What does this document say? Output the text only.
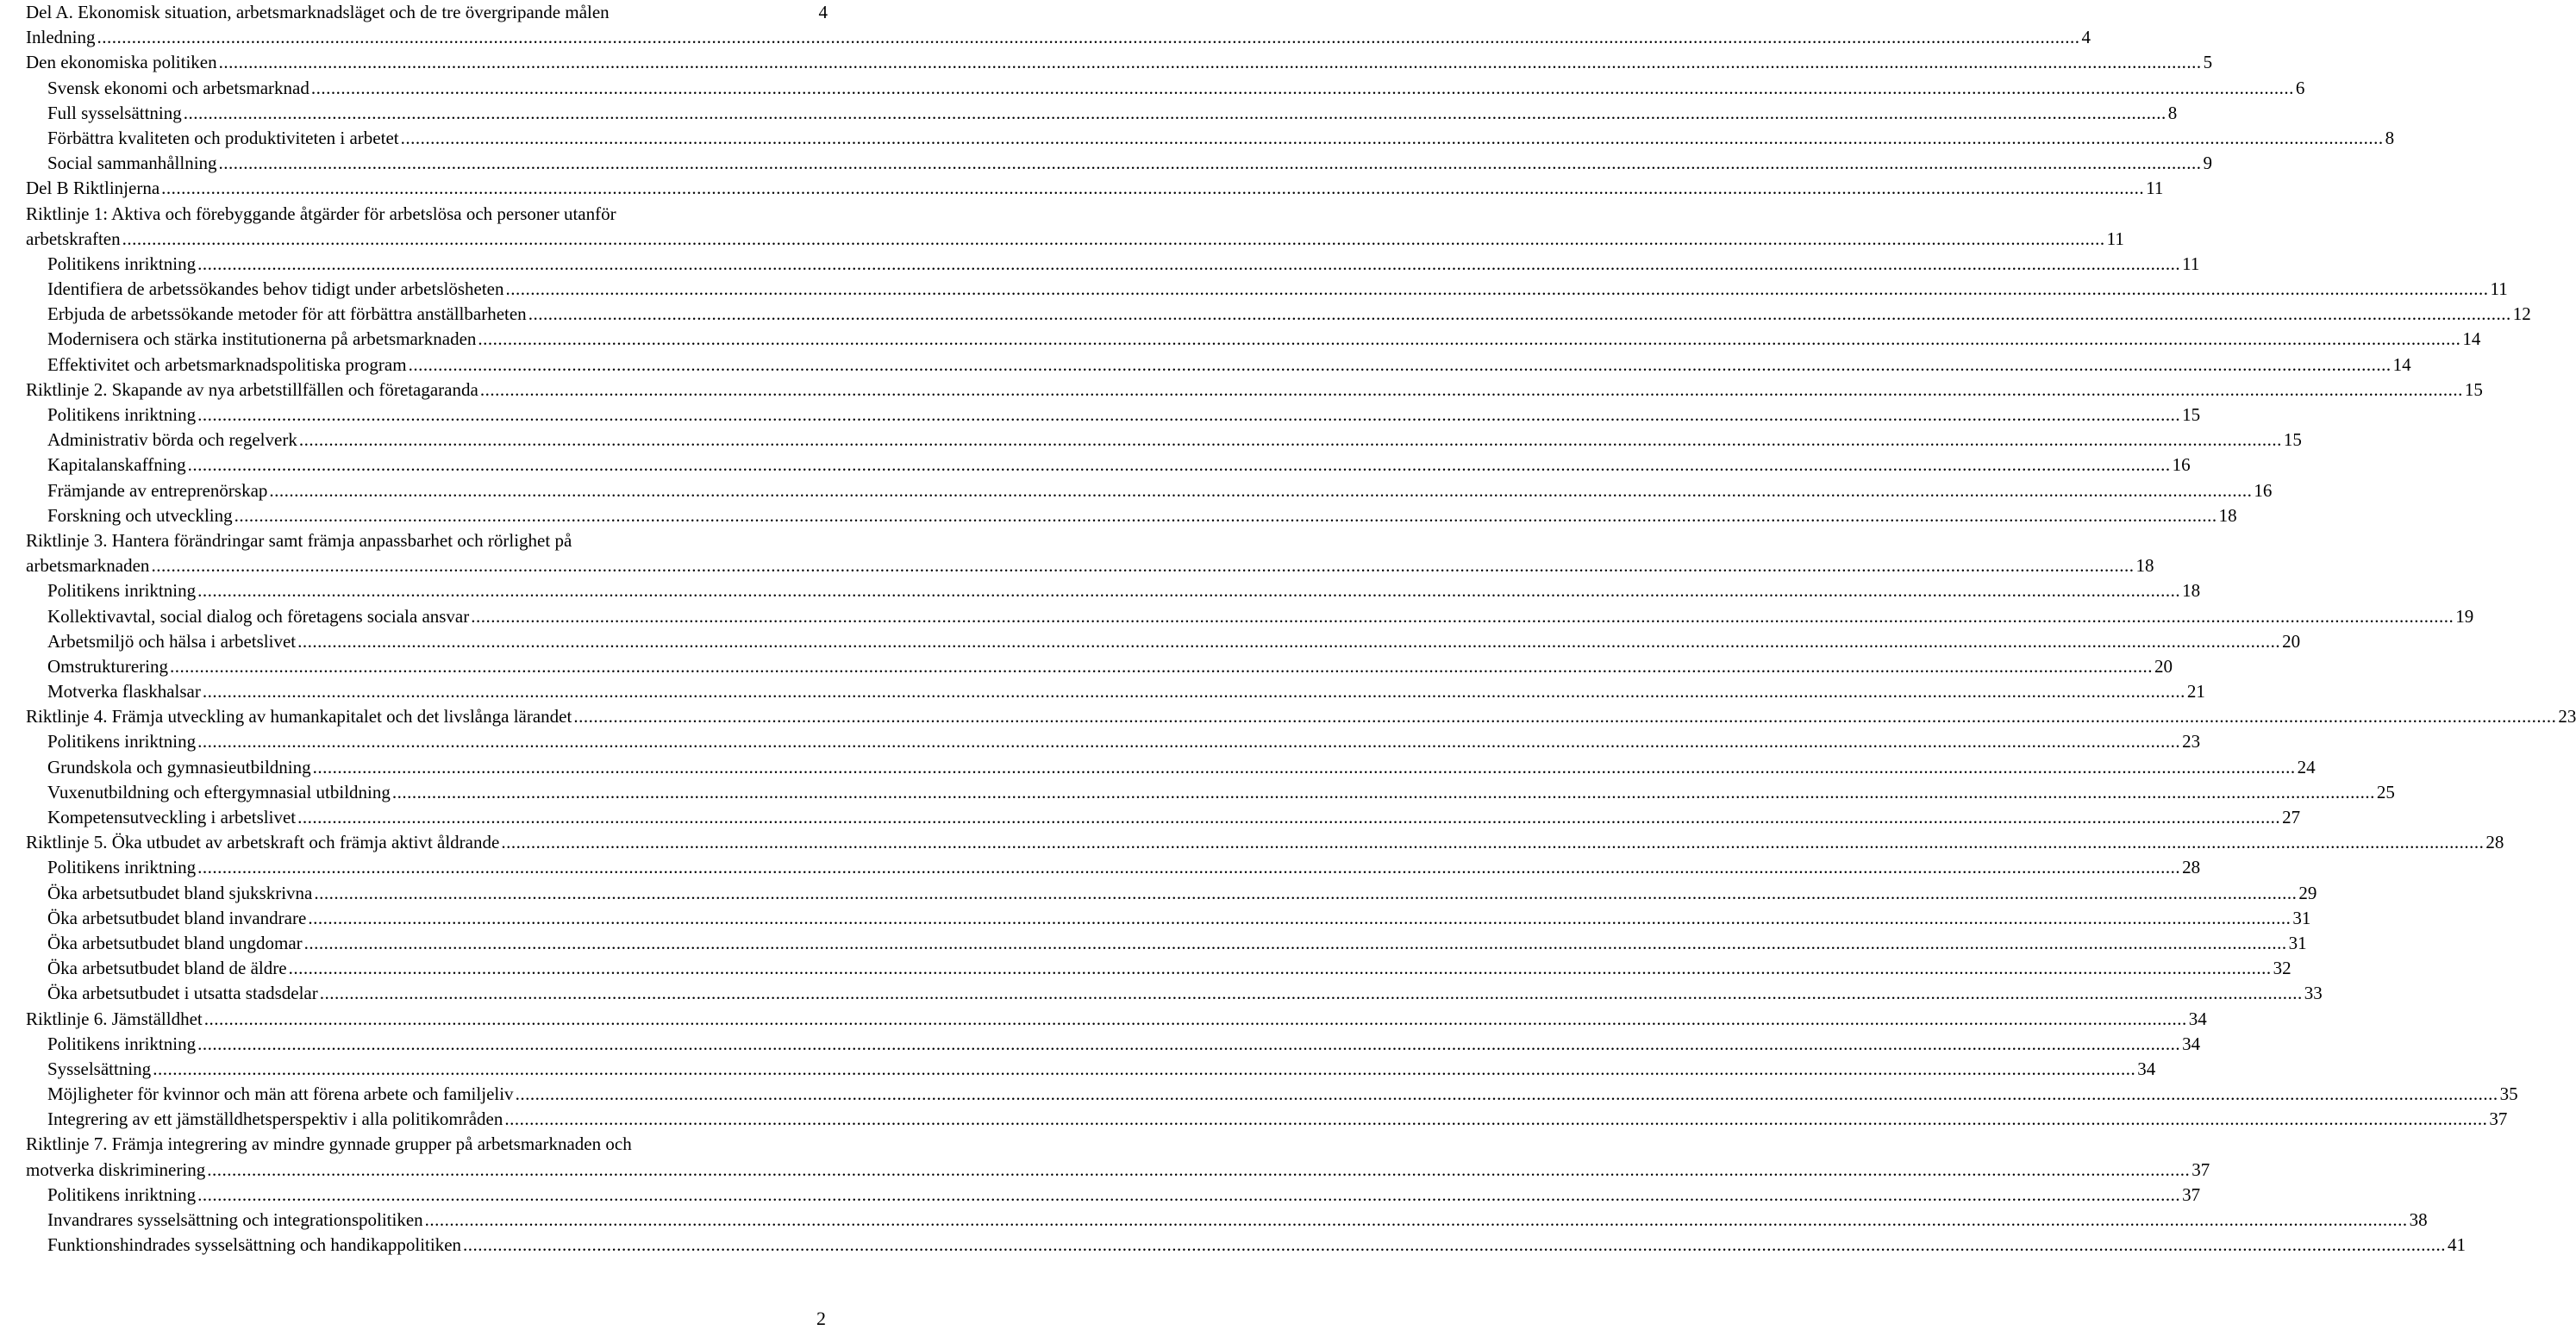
Del A. Ekonomisk situation, arbetsmarknadsläget och de tre övergripande målen	4
Inledning ................................................................................................................................................................................................................................................................................................................................................................................................................ 4
Den ekonomiska politiken ................................................................................................................................................................................................................................................................................................................................................................................................................ 5
Svensk ekonomi och arbetsmarknad ................................................................................................................................................................................................................................................................................................................................................................................................................ 6
Full sysselsättning ................................................................................................................................................................................................................................................................................................................................................................................................................ 8
Förbättra kvaliteten och produktiviteten i arbetet ................................................................................................................................................................................................................................................................................................................................................................................................................ 8
Social sammanhållning ................................................................................................................................................................................................................................................................................................................................................................................................................ 9
Del B Riktlinjerna ................................................................................................................................................................................................................................................................................................................................................................................................................ 11
Riktlinje 1: Aktiva och förebyggande åtgärder för arbetslösa och personer utanför
arbetskraften ................................................................................................................................................................................................................................................................................................................................................................................................................ 11
Politikens inriktning ................................................................................................................................................................................................................................................................................................................................................................................................................ 11
Identifiera de arbetssökandes behov tidigt under arbetslösheten ................................................................................................................................................................................................................................................................................................................................................................................................................ 11
Erbjuda de arbetssökande metoder för att förbättra anställbarheten ................................................................................................................................................................................................................................................................................................................................................................................................................ 12
Modernisera och stärka institutionerna på arbetsmarknaden ................................................................................................................................................................................................................................................................................................................................................................................................................ 14
Effektivitet och arbetsmarknadspolitiska program ................................................................................................................................................................................................................................................................................................................................................................................................................ 14
Riktlinje 2. Skapande av nya arbetstillfällen och företagaranda ................................................................................................................................................................................................................................................................................................................................................................................................................ 15
Politikens inriktning ................................................................................................................................................................................................................................................................................................................................................................................................................ 15
Administrativ börda och regelverk ................................................................................................................................................................................................................................................................................................................................................................................................................ 15
Kapitalanskaffning ................................................................................................................................................................................................................................................................................................................................................................................................................ 16
Främjande av entreprenörskap ................................................................................................................................................................................................................................................................................................................................................................................................................ 16
Forskning och utveckling ................................................................................................................................................................................................................................................................................................................................................................................................................ 18
Riktlinje 3. Hantera förändringar samt främja anpassbarhet och rörlighet på
arbetsmarknaden ................................................................................................................................................................................................................................................................................................................................................................................................................ 18
Politikens inriktning ................................................................................................................................................................................................................................................................................................................................................................................................................ 18
Kollektivavtal, social dialog och företagens sociala ansvar ................................................................................................................................................................................................................................................................................................................................................................................................................ 19
Arbetsmiljö och hälsa i arbetslivet ................................................................................................................................................................................................................................................................................................................................................................................................................ 20
Omstrukturering ................................................................................................................................................................................................................................................................................................................................................................................................................ 20
Motverka flaskhalsar ................................................................................................................................................................................................................................................................................................................................................................................................................ 21
Riktlinje 4. Främja utveckling av humankapitalet och det livslånga lärandet ................................................................................................................................................................................................................................................................................................................................................................................................................ 23
Politikens inriktning ................................................................................................................................................................................................................................................................................................................................................................................................................ 23
Grundskola och gymnasieutbildning ................................................................................................................................................................................................................................................................................................................................................................................................................ 24
Vuxenutbildning och eftergymnasial utbildning ................................................................................................................................................................................................................................................................................................................................................................................................................ 25
Kompetensutveckling i arbetslivet ................................................................................................................................................................................................................................................................................................................................................................................................................ 27
Riktlinje 5. Öka utbudet av arbetskraft och främja aktivt åldrande ................................................................................................................................................................................................................................................................................................................................................................................................................ 28
Politikens inriktning ................................................................................................................................................................................................................................................................................................................................................................................................................ 28
Öka arbetsutbudet bland sjukskrivna ................................................................................................................................................................................................................................................................................................................................................................................................................ 29
Öka arbetsutbudet bland invandrare ................................................................................................................................................................................................................................................................................................................................................................................................................ 31
Öka arbetsutbudet bland ungdomar ................................................................................................................................................................................................................................................................................................................................................................................................................ 31
Öka arbetsutbudet bland de äldre ................................................................................................................................................................................................................................................................................................................................................................................................................ 32
Öka arbetsutbudet i utsatta stadsdelar ................................................................................................................................................................................................................................................................................................................................................................................................................ 33
Riktlinje 6. Jämställdhet ................................................................................................................................................................................................................................................................................................................................................................................................................ 34
Politikens inriktning ................................................................................................................................................................................................................................................................................................................................................................................................................ 34
Sysselsättning ................................................................................................................................................................................................................................................................................................................................................................................................................ 34
Möjligheter för kvinnor och män att förena arbete och familjeliv ................................................................................................................................................................................................................................................................................................................................................................................................................ 35
Integrering av ett jämställdhetsperspektiv i alla politikområden ................................................................................................................................................................................................................................................................................................................................................................................................................ 37
Riktlinje 7. Främja integrering av mindre gynnade grupper på arbetsmarknaden och
motverka diskriminering ................................................................................................................................................................................................................................................................................................................................................................................................................ 37
Politikens inriktning ................................................................................................................................................................................................................................................................................................................................................................................................................ 37
Invandrares sysselsättning och integrationspolitiken ................................................................................................................................................................................................................................................................................................................................................................................................................ 38
Funktionshindrades sysselsättning och handikappolitiken ................................................................................................................................................................................................................................................................................................................................................................................................................ 41
2
